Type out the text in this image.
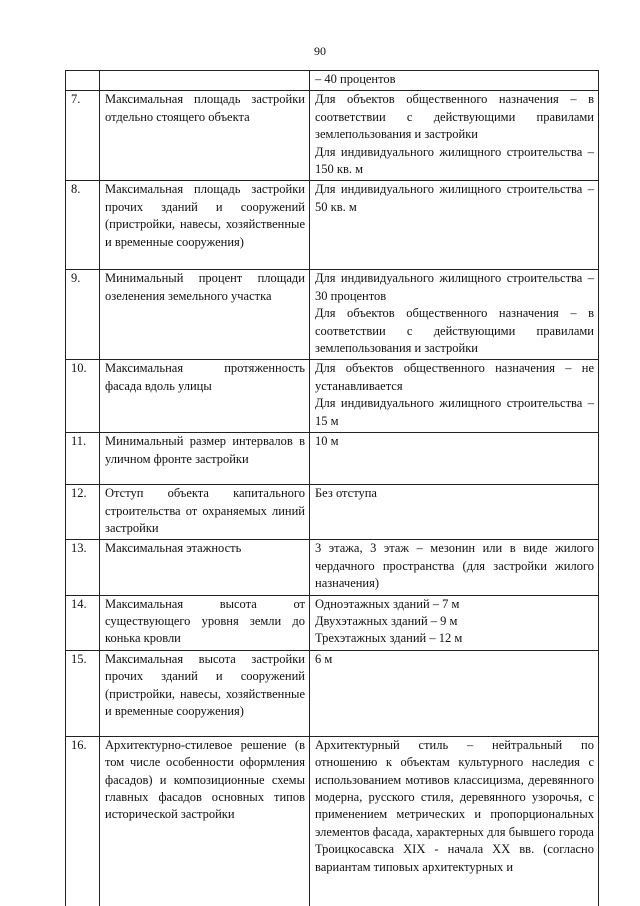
90

		– 40 процентов

7.	Максимальная площадь застройки отдельно стоящего объекта	Для объектов общественного назначения – в соответствии с действующими правилами землепользования и застройки
Для индивидуального жилищного строительства – 150 кв. м

8.	Максимальная площадь застройки прочих зданий и сооружений (пристройки, навесы, хозяйственные и временные сооружения)	Для индивидуального жилищного строительства – 50 кв. м

9.	Минимальный процент площади озеленения земельного участка	Для индивидуального жилищного строительства – 30 процентов
Для объектов общественного назначения – в соответствии с действующими правилами землепользования и застройки

10.	Максимальная протяженность фасада вдоль улицы	Для объектов общественного назначения – не устанавливается
Для индивидуального жилищного строительства – 15 м

11.	Минимальный размер интервалов в уличном фронте застройки	10 м

12.	Отступ объекта капитального строительства от охраняемых линий застройки	Без отступа

13.	Максимальная этажность	3 этажа, 3 этаж – мезонин или в виде жилого чердачного пространства (для застройки жилого назначения)

14.	Максимальная высота от существующего уровня земли до конька кровли	Одноэтажных зданий – 7 м
Двухэтажных зданий – 9 м
Трехэтажных зданий – 12 м

15.	Максимальная высота застройки прочих зданий и сооружений (пристройки, навесы, хозяйственные и временные сооружения)	6 м

16.	Архитектурно-стилевое решение (в том числе особенности оформления фасадов) и композиционные схемы главных фасадов основных типов исторической застройки	Архитектурный стиль – нейтральный по отношению к объектам культурного наследия с использованием мотивов классицизма, деревянного модерна, русского стиля, деревянного узорочья, с применением метрических и пропорциональных элементов фасада, характерных для бывшего города Троицкосавска XIX - начала XX вв. (согласно вариантам типовых архитектурных и
